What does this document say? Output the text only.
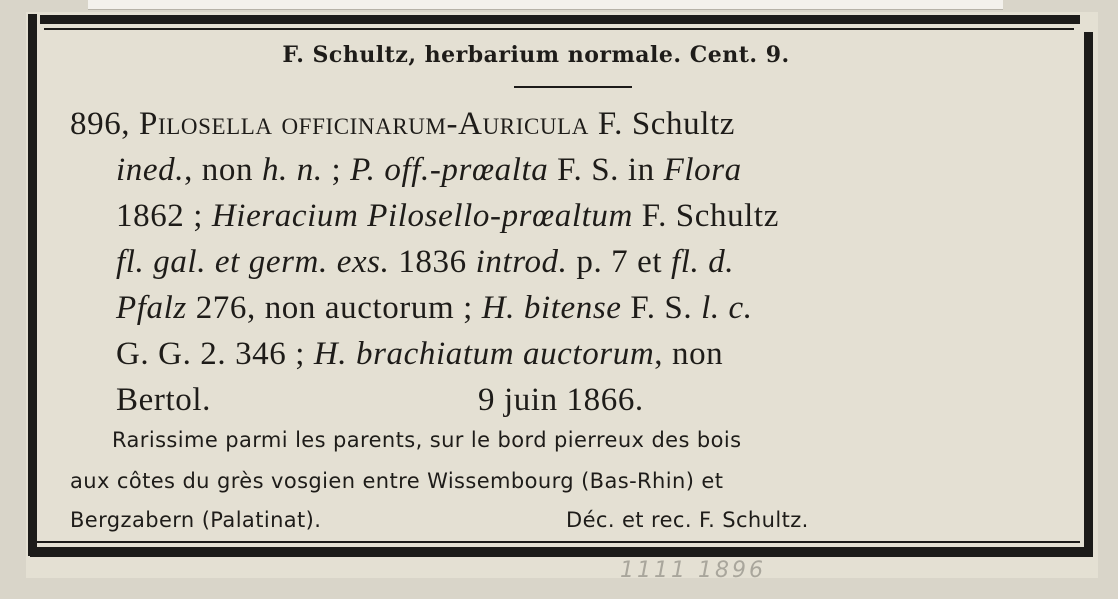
F. Schultz, herbarium normale. Cent. 9.
896, Pilosella officinarum-Auricula F. Schultz
ined., non h. n. ; P. off.-prœalta F. S. in Flora
1862 ; Hieracium Pilosello-prœaltum F. Schultz
fl. gal. et germ. exs. 1836 introd. p. 7 et fl. d.
Pfalz 276, non auctorum ; H. bitense F. S. l. c.
G. G. 2. 346 ; H. brachiatum auctorum, non
Bertol.	9 juin 1866.
Rarissime parmi les parents, sur le bord pierreux des bois
aux côtes du grès vosgien entre Wissembourg (Bas-Rhin) et
Bergzabern (Palatinat).	Déc. et rec. F. Schultz.
1111 1896
